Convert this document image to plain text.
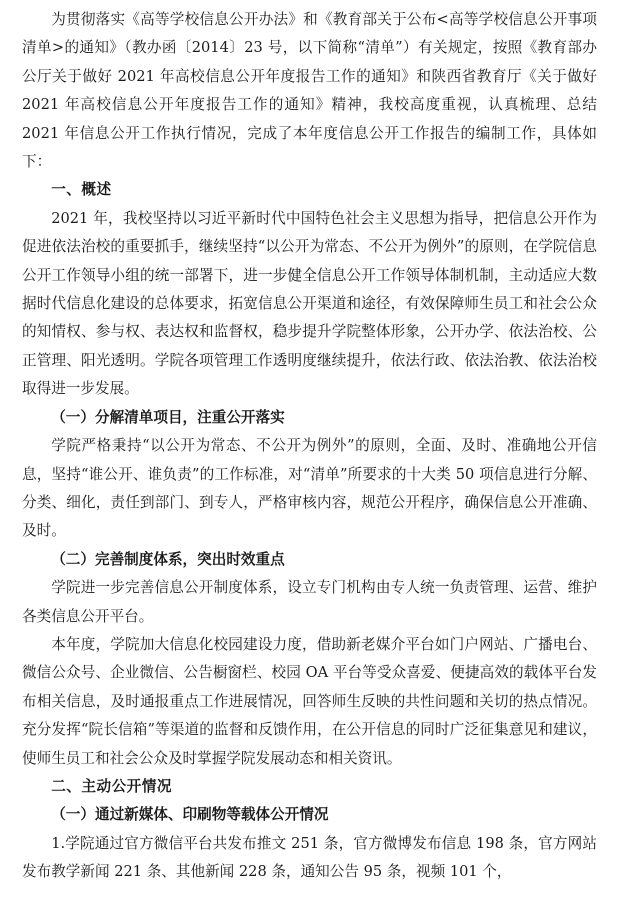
为贯彻落实《高等学校信息公开办法》和《教育部关于公布<高等学校信息公开事项清单>的通知》（教办函〔2014〕23 号，以下简称“清单”）有关规定，按照《教育部办公厅关于做好 2021 年高校信息公开年度报告工作的通知》和陕西省教育厅《关于做好 2021 年高校信息公开年度报告工作的通知》精神，我校高度重视，认真梳理、总结 2021 年信息公开工作执行情况，完成了本年度信息公开工作报告的编制工作，具体如下：

一、概述

2021 年，我校坚持以习近平新时代中国特色社会主义思想为指导，把信息公开作为促进依法治校的重要抓手，继续坚持“以公开为常态、不公开为例外”的原则，在学院信息公开工作领导小组的统一部署下，进一步健全信息公开工作领导体制机制，主动适应大数据时代信息化建设的总体要求，拓宽信息公开渠道和途径，有效保障师生员工和社会公众的知情权、参与权、表达权和监督权，稳步提升学院整体形象，公开办学、依法治校、公正管理、阳光透明。学院各项管理工作透明度继续提升，依法行政、依法治教、依法治校取得进一步发展。

（一）分解清单项目，注重公开落实

学院严格秉持“以公开为常态、不公开为例外”的原则，全面、及时、准确地公开信息，坚持“谁公开、谁负责”的工作标准，对“清单”所要求的十大类 50 项信息进行分解、分类、细化，责任到部门、到专人，严格审核内容，规范公开程序，确保信息公开准确、及时。

（二）完善制度体系，突出时效重点

学院进一步完善信息公开制度体系，设立专门机构由专人统一负责管理、运营、维护各类信息公开平台。

本年度，学院加大信息化校园建设力度，借助新老媒介平台如门户网站、广播电台、微信公众号、企业微信、公告橱窗栏、校园 OA 平台等受众喜爱、便捷高效的载体平台发布相关信息，及时通报重点工作进展情况，回答师生反映的共性问题和关切的热点情况。充分发挥“院长信箱”等渠道的监督和反馈作用，在公开信息的同时广泛征集意见和建议，使师生员工和社会公众及时掌握学院发展动态和相关资讯。

二、主动公开情况

（一）通过新媒体、印刷物等载体公开情况

1.学院通过官方微信平台共发布推文 251 条，官方微博发布信息 198 条，官方网站发布教学新闻 221 条、其他新闻 228 条，通知公告 95 条，视频 101 个，
